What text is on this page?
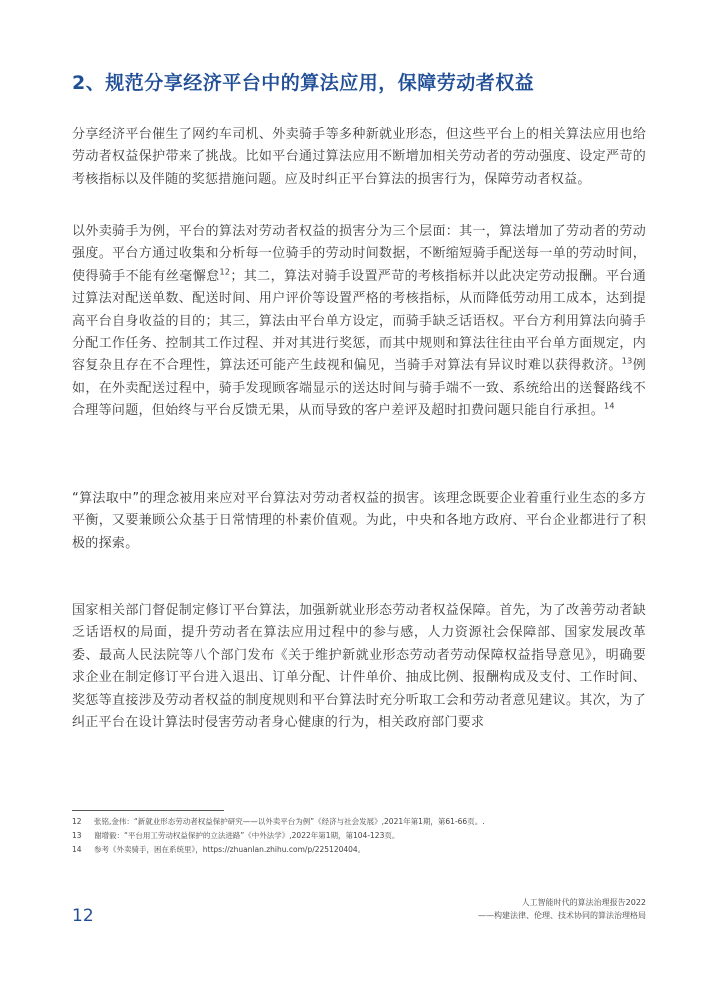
2、规范分享经济平台中的算法应用，保障劳动者权益

分享经济平台催生了网约车司机、外卖骑手等多种新就业形态，但这些平台上的相关算法应用也给劳动者权益保护带来了挑战。比如平台通过算法应用不断增加相关劳动者的劳动强度、设定严苛的考核指标以及伴随的奖惩措施问题。应及时纠正平台算法的损害行为，保障劳动者权益。

以外卖骑手为例，平台的算法对劳动者权益的损害分为三个层面：其一，算法增加了劳动者的劳动强度。平台方通过收集和分析每一位骑手的劳动时间数据，不断缩短骑手配送每一单的劳动时间，使得骑手不能有丝毫懈怠$^{12}$；其二，算法对骑手设置严苛的考核指标并以此决定劳动报酬。平台通过算法对配送单数、配送时间、用户评价等设置严格的考核指标，从而降低劳动用工成本，达到提高平台自身收益的目的；其三，算法由平台单方设定，而骑手缺乏话语权。平台方利用算法向骑手分配工作任务、控制其工作过程、并对其进行奖惩，而其中规则和算法往往由平台单方面规定，内容复杂且存在不合理性，算法还可能产生歧视和偏见，当骑手对算法有异议时难以获得救济。$^{13}$例如，在外卖配送过程中，骑手发现顾客端显示的送达时间与骑手端不一致、系统给出的送餐路线不合理等问题，但始终与平台反馈无果，从而导致的客户差评及超时扣费问题只能自行承担。$^{14}$

“算法取中”的理念被用来应对平台算法对劳动者权益的损害。该理念既要企业着重行业生态的多方平衡，又要兼顾公众基于日常情理的朴素价值观。为此，中央和各地方政府、平台企业都进行了积极的探索。

国家相关部门督促制定修订平台算法，加强新就业形态劳动者权益保障。首先，为了改善劳动者缺乏话语权的局面，提升劳动者在算法应用过程中的参与感，人力资源社会保障部、国家发展改革委、最高人民法院等八个部门发布《关于维护新就业形态劳动者劳动保障权益指导意见》，明确要求企业在制定修订平台进入退出、订单分配、计件单价、抽成比例、报酬构成及支付、工作时间、奖惩等直接涉及劳动者权益的制度规则和平台算法时充分听取工会和劳动者意见建议。其次，为了纠正平台在设计算法时侵害劳动者身心健康的行为，相关政府部门要求

12	张铭,金伟：“新就业形态劳动者权益保护研究——以外卖平台为例”《经济与社会发展》,2021年第1期，第61-66页。.
13	谢增毅：“平台用工劳动权益保护的立法进路”《中外法学》,2022年第1期，第104-123页。
14	参考《外卖骑手，困在系统里》，https://zhuanlan.zhihu.com/p/225120404。
12
人工智能时代的算法治理报告2022
——构建法律、伦理、技术协同的算法治理格局
